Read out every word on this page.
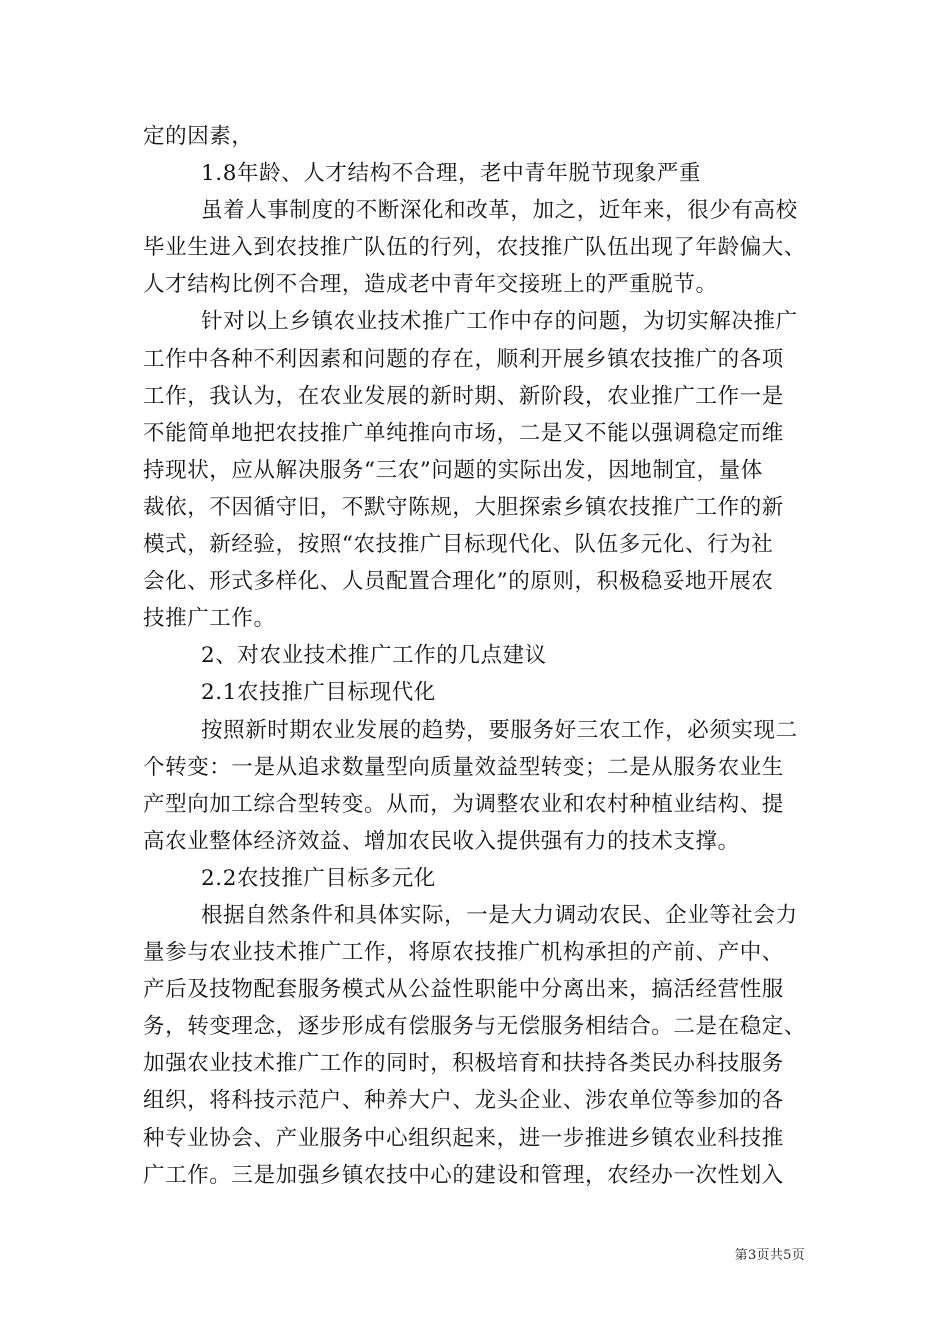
定的因素，
1.8年龄、人才结构不合理，老中青年脱节现象严重
虽着人事制度的不断深化和改革，加之，近年来，很少有高校
毕业生进入到农技推广队伍的行列，农技推广队伍出现了年龄偏大、
人才结构比例不合理，造成老中青年交接班上的严重脱节。
针对以上乡镇农业技术推广工作中存的问题，为切实解决推广
工作中各种不利因素和问题的存在，顺利开展乡镇农技推广的各项
工作，我认为，在农业发展的新时期、新阶段，农业推广工作一是
不能简单地把农技推广单纯推向市场，二是又不能以强调稳定而维
持现状，应从解决服务“三农”问题的实际出发，因地制宜，量体
裁依，不因循守旧，不默守陈规，大胆探索乡镇农技推广工作的新
模式，新经验，按照“农技推广目标现代化、队伍多元化、行为社
会化、形式多样化、人员配置合理化”的原则，积极稳妥地开展农
技推广工作。
2、对农业技术推广工作的几点建议
2.1农技推广目标现代化
按照新时期农业发展的趋势，要服务好三农工作，必须实现二
个转变：一是从追求数量型向质量效益型转变；二是从服务农业生
产型向加工综合型转变。从而，为调整农业和农村种植业结构、提
高农业整体经济效益、增加农民收入提供强有力的技术支撑。
2.2农技推广目标多元化
根据自然条件和具体实际，一是大力调动农民、企业等社会力
量参与农业技术推广工作，将原农技推广机构承担的产前、产中、
产后及技物配套服务模式从公益性职能中分离出来，搞活经营性服
务，转变理念，逐步形成有偿服务与无偿服务相结合。二是在稳定、
加强农业技术推广工作的同时，积极培育和扶持各类民办科技服务
组织，将科技示范户、种养大户、龙头企业、涉农单位等参加的各
种专业协会、产业服务中心组织起来，进一步推进乡镇农业科技推
广工作。三是加强乡镇农技中心的建设和管理，农经办一次性划入
第3页共5页
